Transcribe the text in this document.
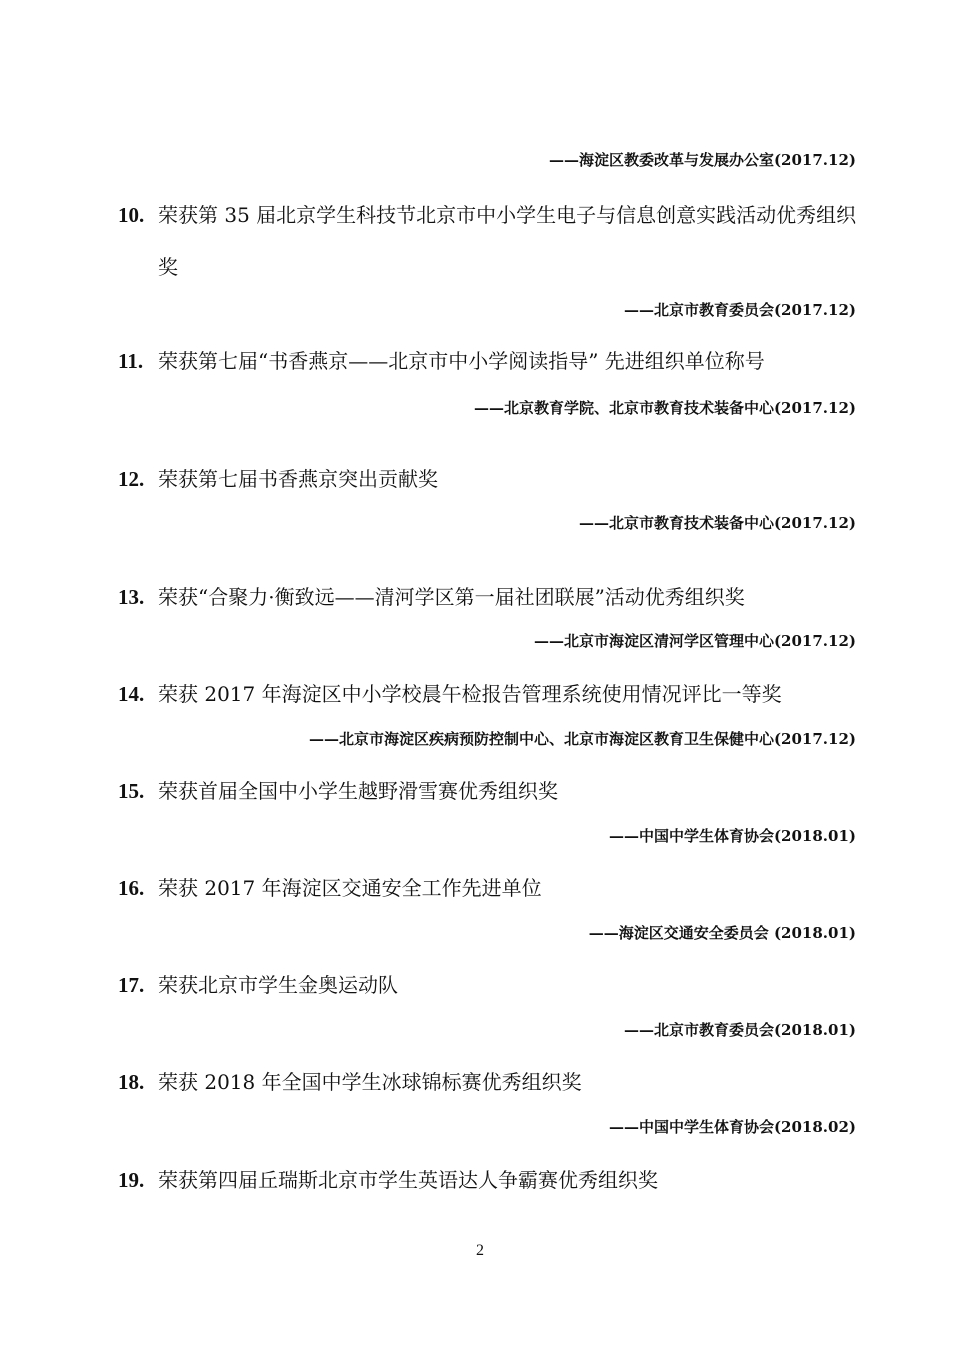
——海淀区教委改革与发展办公室(2017.12)
10. 荣获第 35 届北京学生科技节北京市中小学生电子与信息创意实践活动优秀组织奖
——北京市教育委员会(2017.12)
11. 荣获第七届“书香燕京——北京市中小学阅读指导” 先进组织单位称号
——北京教育学院、北京市教育技术装备中心(2017.12)
12. 荣获第七届书香燕京突出贡献奖
——北京市教育技术装备中心(2017.12)
13. 荣获“合聚力·衡致远——清河学区第一届社团联展”活动优秀组织奖
——北京市海淀区清河学区管理中心(2017.12)
14. 荣获 2017 年海淀区中小学校晨午检报告管理系统使用情况评比一等奖
——北京市海淀区疾病预防控制中心、北京市海淀区教育卫生保健中心(2017.12)
15. 荣获首届全国中小学生越野滑雪赛优秀组织奖
——中国中学生体育协会(2018.01)
16. 荣获 2017 年海淀区交通安全工作先进单位
——海淀区交通安全委员会 (2018.01)
17. 荣获北京市学生金奥运动队
——北京市教育委员会(2018.01)
18. 荣获 2018 年全国中学生冰球锦标赛优秀组织奖
——中国中学生体育协会(2018.02)
19. 荣获第四届丘瑞斯北京市学生英语达人争霸赛优秀组织奖
2
